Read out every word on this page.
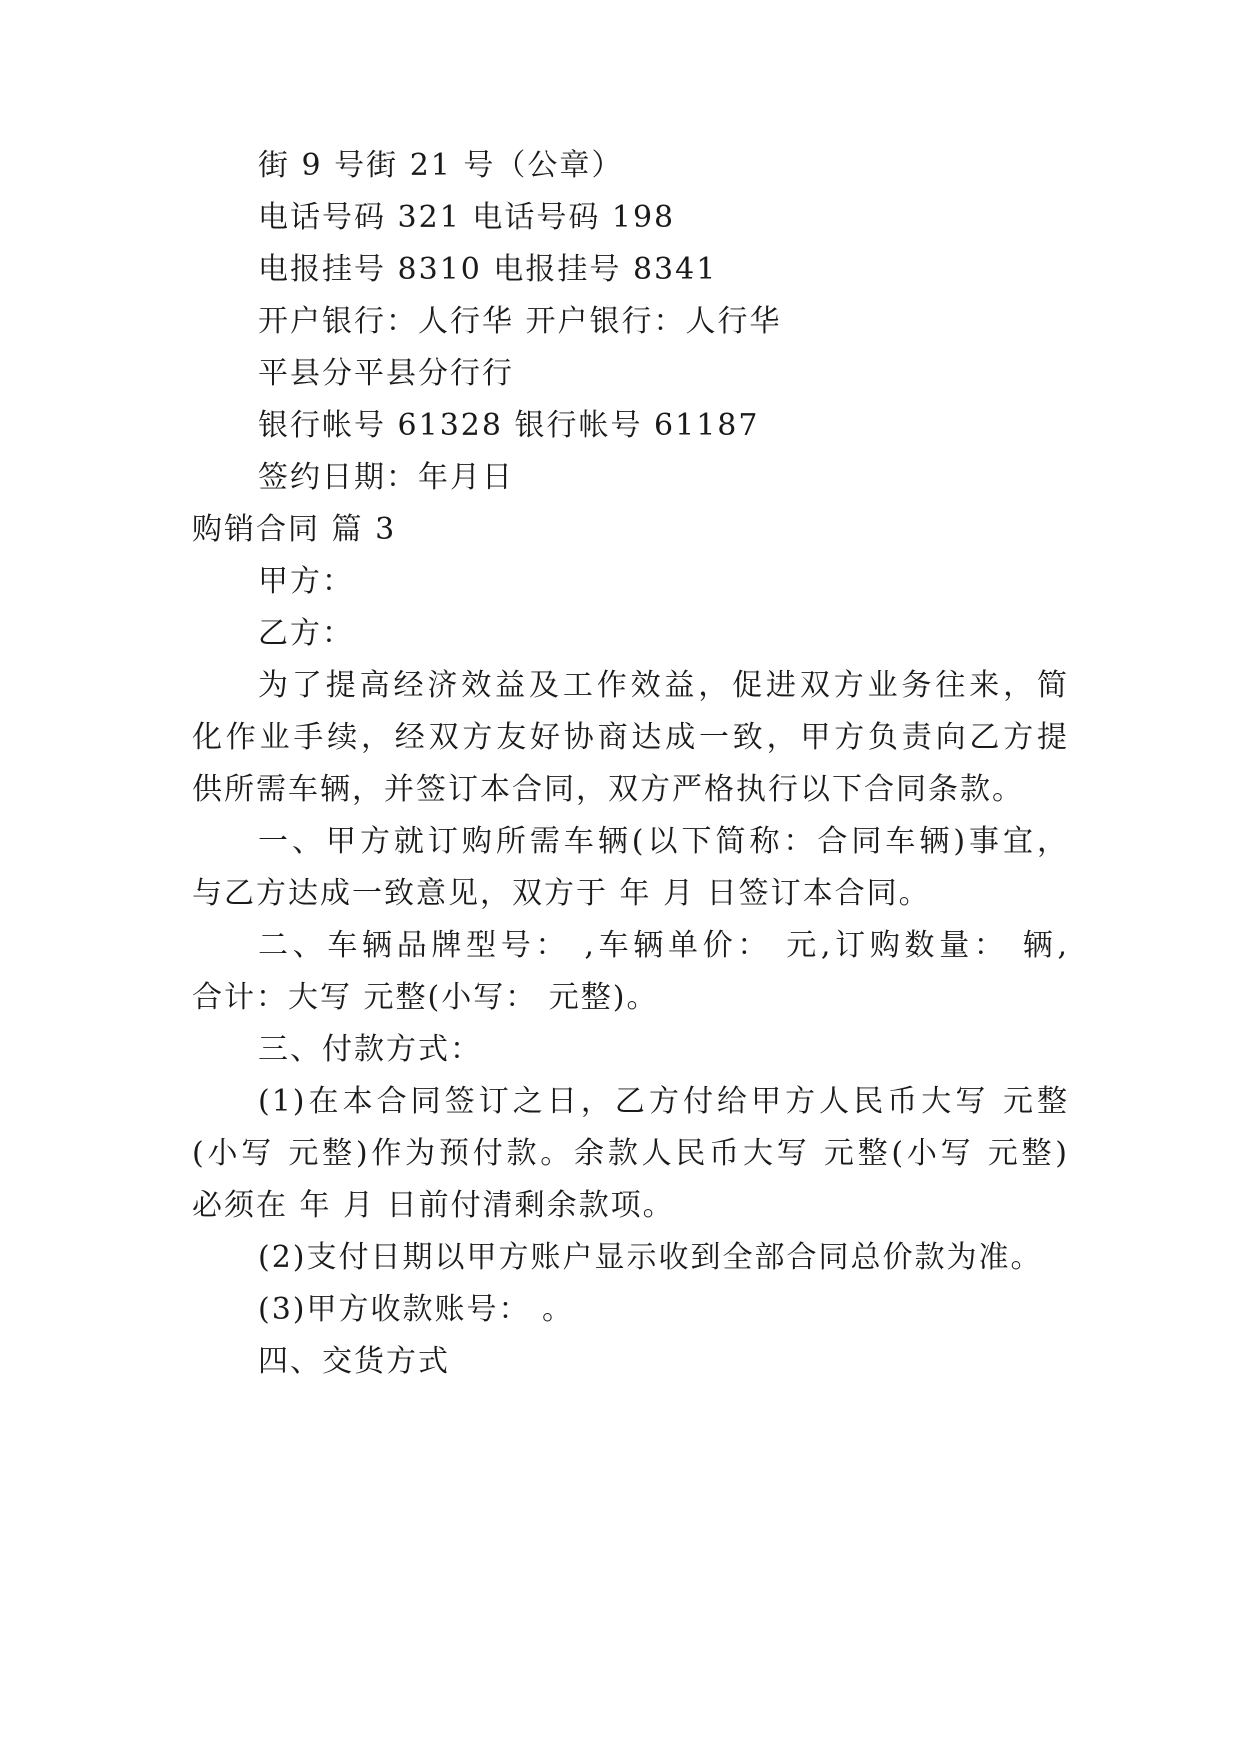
街 9 号街 21 号（公章）
电话号码 321 电话号码 198
电报挂号 8310 电报挂号 8341
开户银行：人行华 开户银行：人行华
平县分平县分行行
银行帐号 61328 银行帐号 61187
签约日期：年月日
购销合同 篇 3
甲方：
乙方：
为了提高经济效益及工作效益，促进双方业务往来，简
化作业手续，经双方友好协商达成一致，甲方负责向乙方提
供所需车辆，并签订本合同，双方严格执行以下合同条款。
一、甲方就订购所需车辆(以下简称：合同车辆)事宜，
与乙方达成一致意见，双方于 年 月 日签订本合同。
二、车辆品牌型号： ,车辆单价： 元,订购数量： 辆,
合计：大写 元整(小写： 元整)。
三、付款方式：
(1)在本合同签订之日，乙方付给甲方人民币大写 元整
(小写 元整)作为预付款。余款人民币大写 元整(小写 元整)
必须在 年 月 日前付清剩余款项。
(2)支付日期以甲方账户显示收到全部合同总价款为准。
(3)甲方收款账号： 。
四、交货方式
